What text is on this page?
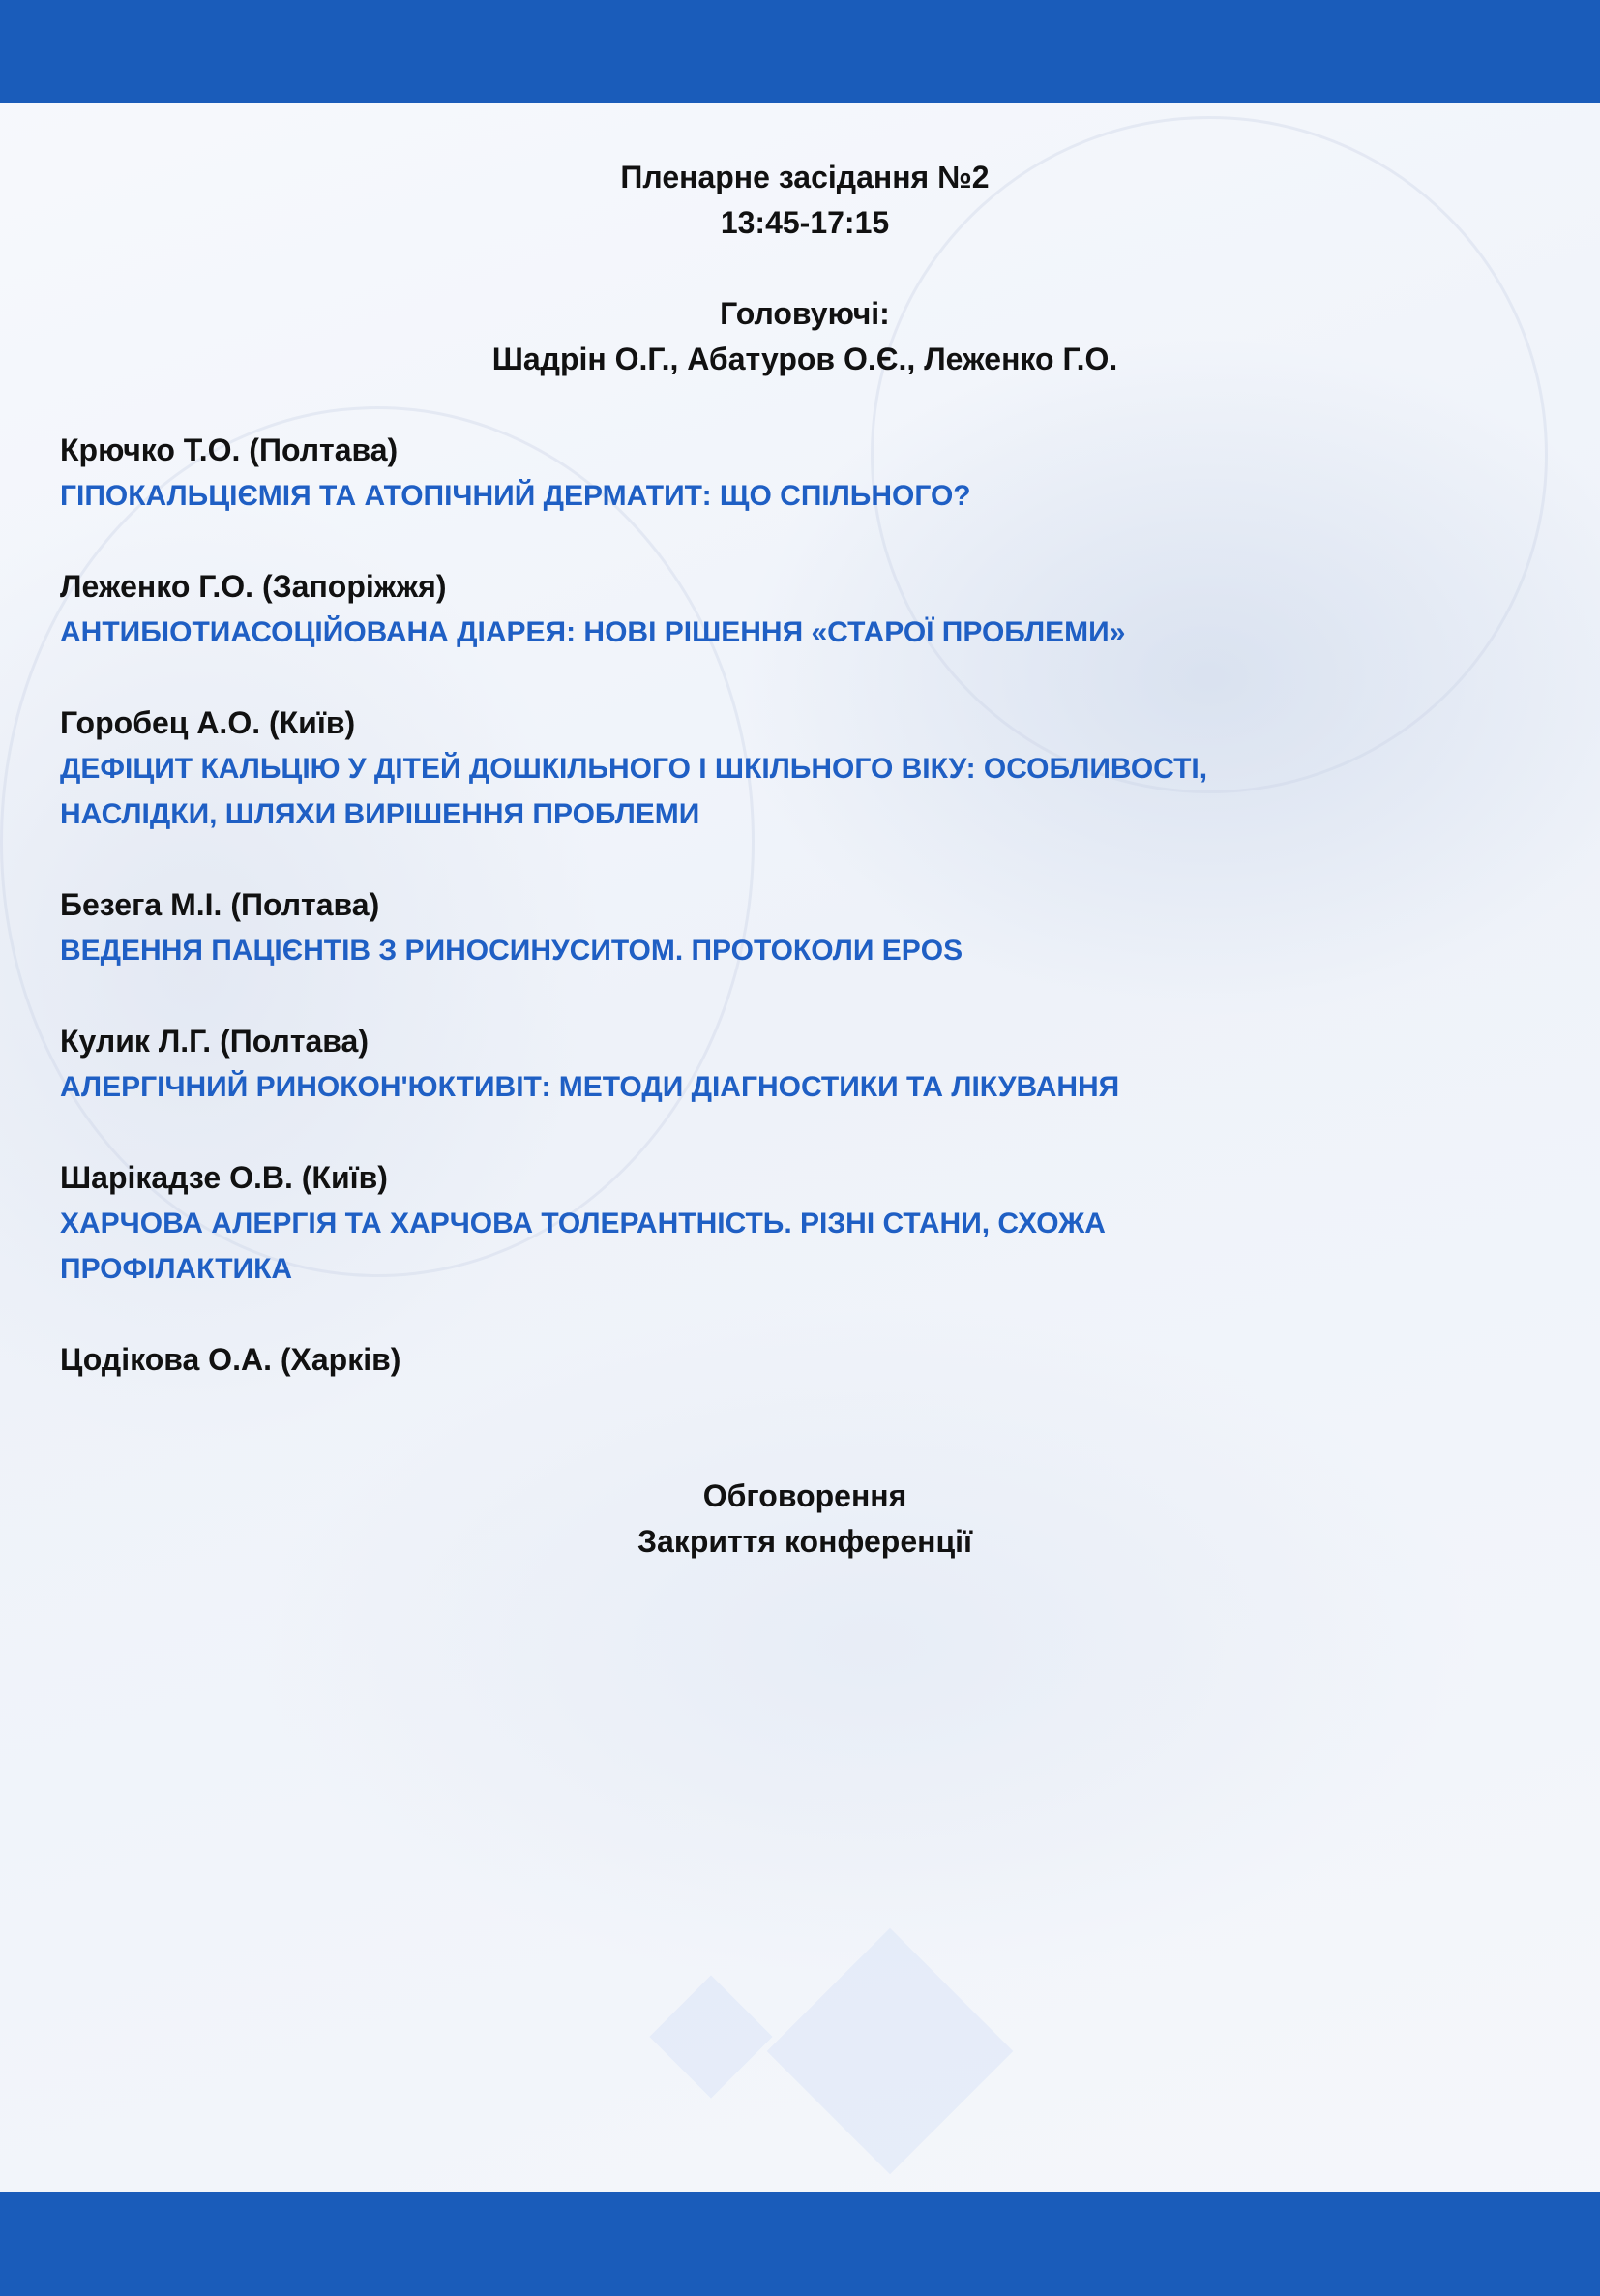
Пленарне засідання №2
13:45-17:15
Головуючі:
Шадрін О.Г., Абатуров О.Є., Леженко Г.О.
Крючко Т.О. (Полтава)
ГІПОКАЛЬЦІЄМІЯ ТА АТОПІЧНИЙ ДЕРМАТИТ: ЩО СПІЛЬНОГО?
Леженко Г.О. (Запоріжжя)
АНТИБІОТИАСОЦІЙОВАНА ДІАРЕЯ: НОВІ РІШЕННЯ «СТАРОЇ ПРОБЛЕМИ»
Горобец А.О. (Київ)
ДЕФІЦИТ КАЛЬЦІЮ У ДІТЕЙ ДОШКІЛЬНОГО І ШКІЛЬНОГО ВІКУ: ОСОБЛИВОСТІ,
НАСЛІДКИ, ШЛЯХИ ВИРІШЕННЯ ПРОБЛЕМИ
Безега М.І. (Полтава)
ВЕДЕННЯ ПАЦІЄНТІВ З РИНОСИНУСИТОМ. ПРОТОКОЛИ EPOS
Кулик Л.Г. (Полтава)
АЛЕРГІЧНИЙ РИНОКОН'ЮКТИВІТ: МЕТОДИ ДІАГНОСТИКИ ТА ЛІКУВАННЯ
Шарікадзе О.В. (Київ)
ХАРЧОВА АЛЕРГІЯ ТА ХАРЧОВА ТОЛЕРАНТНІСТЬ. РІЗНІ СТАНИ, СХОЖА
ПРОФІЛАКТИКА
Цодікова О.А. (Харків)
Обговорення
Закриття конференції
